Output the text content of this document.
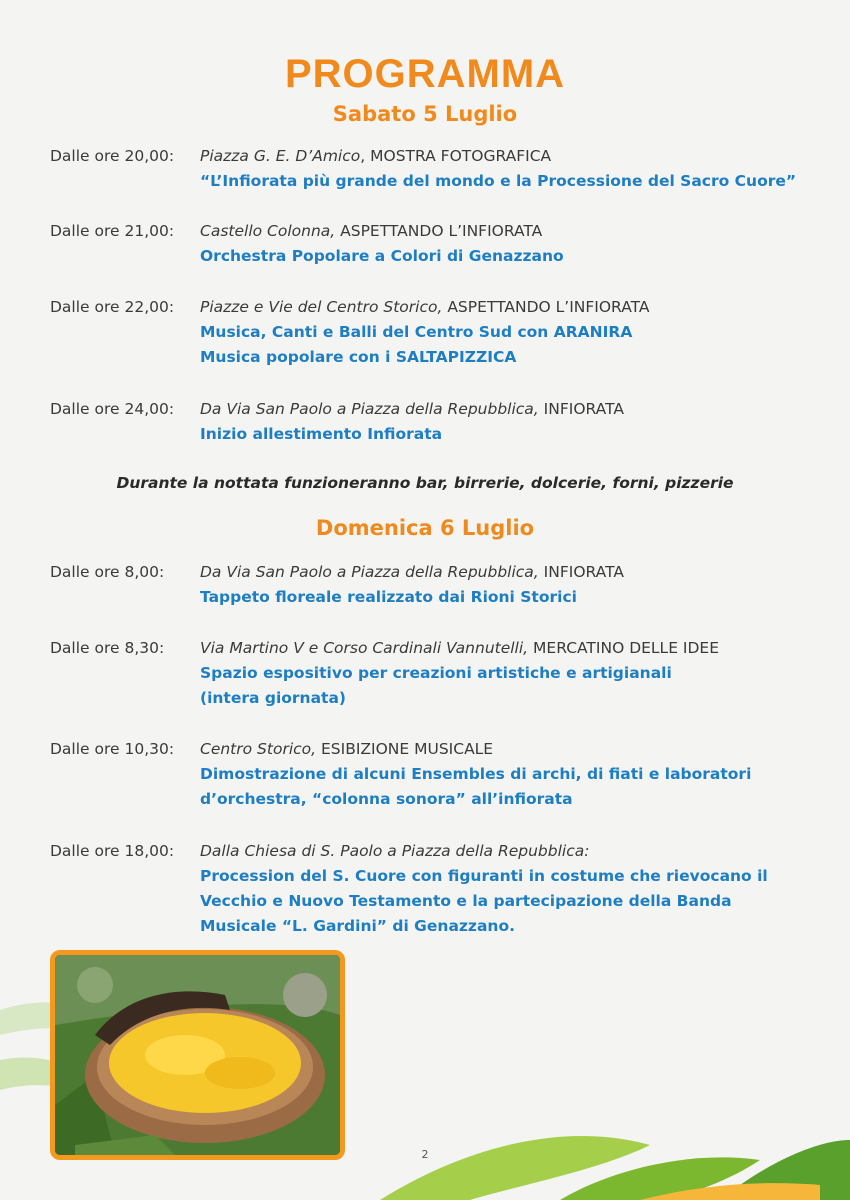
PROGRAMMA
Sabato 5 Luglio
Dalle ore 20,00: Piazza G. E. D’Amico, MOSTRA FOTOGRAFICA
“L’Infiorata più grande del mondo e la Processione del Sacro Cuore”
Dalle ore 21,00: Castello Colonna, ASPETTANDO L’INFIORATA
Orchestra Popolare a Colori di Genazzano
Dalle ore 22,00: Piazze e Vie del Centro Storico, ASPETTANDO L’INFIORATA
Musica, Canti e Balli del Centro Sud con ARANIRA
Musica popolare con i SALTAPIZZICA
Dalle ore 24,00: Da Via San Paolo a Piazza della Repubblica, INFIORATA
Inizio allestimento Infiorata
Durante la nottata funzioneranno bar, birrerie, dolcerie, forni, pizzerie
Domenica 6 Luglio
Dalle ore 8,00: Da Via San Paolo a Piazza della Repubblica, INFIORATA
Tappeto floreale realizzato dai Rioni Storici
Dalle ore 8,30: Via Martino V e Corso Cardinali Vannutelli, MERCATINO DELLE IDEE
Spazio espositivo per creazioni artistiche e artigianali
(intera giornata)
Dalle ore 10,30: Centro Storico, ESIBIZIONE MUSICALE
Dimostrazione di alcuni Ensembles di archi, di fiati e laboratori
d’orchestra, “colonna sonora” all’infiorata
Dalle ore 18,00: Dalla Chiesa di S. Paolo a Piazza della Repubblica:
Procession del S. Cuore con figuranti in costume che rievocano il
Vecchio e Nuovo Testamento e la partecipazione della Banda
Musicale “L. Gardini” di Genazzano.
2
